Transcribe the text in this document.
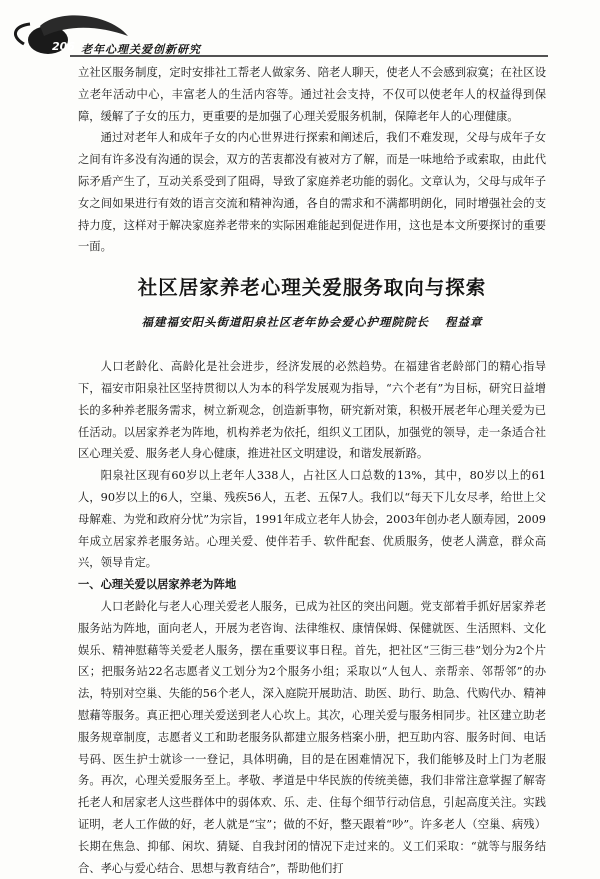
206 老年心理关爱创新研究

立社区服务制度，定时安排社工帮老人做家务、陪老人聊天，使老人不会感到寂寞；在社区设立老年活动中心，丰富老人的生活内容等。通过社会支持，不仅可以使老年人的权益得到保障，缓解了子女的压力，更重要的是加强了心理关爱服务机制，保障老年人的心理健康。

通过对老年人和成年子女的内心世界进行探索和阐述后，我们不难发现，父母与成年子女之间有许多没有沟通的误会，双方的苦衷都没有被对方了解，而是一味地给予或索取，由此代际矛盾产生了，互动关系受到了阻碍，导致了家庭养老功能的弱化。文章认为，父母与成年子女之间如果进行有效的语言交流和精神沟通，各自的需求和不满都明朗化，同时增强社会的支持力度，这样对于解决家庭养老带来的实际困难能起到促进作用，这也是本文所要探讨的重要一面。

社区居家养老心理关爱服务取向与探索
福建福安阳头街道阳泉社区老年协会爱心护理院院长 程益章

人口老龄化、高龄化是社会进步，经济发展的必然趋势。在福建省老龄部门的精心指导下，福安市阳泉社区坚持贯彻以人为本的科学发展观为指导，“六个老有”为目标，研究日益增长的多种养老服务需求，树立新观念，创造新事物，研究新对策，积极开展老年心理关爱为已任活动。以居家养老为阵地，机构养老为依托，组织义工团队，加强党的领导，走一条适合社区心理关爱、服务老人身心健康，推进社区文明建设，和谐发展新路。

阳泉社区现有60岁以上老年人338人，占社区人口总数的13%，其中，80岁以上的61人，90岁以上的6人，空巢、残疾56人，五老、五保7人。我们以“每天下儿女尽孝，给世上父母解难、为党和政府分忧”为宗旨，1991年成立老年人协会，2003年创办老人颐寿园，2009年成立居家养老服务站。心理关爱、使伴若手、软件配套、优质服务，使老人满意，群众高兴，领导肯定。

一、心理关爱以居家养老为阵地

人口老龄化与老人心理关爱老人服务，已成为社区的突出问题。党支部着手抓好居家养老服务站为阵地，面向老人，开展为老咨询、法律维权、康情保姆、保健就医、生活照料、文化娱乐、精神慰藉等关爱老人服务，摆在重要议事日程。首先，把社区“三街三巷”划分为2个片区；把服务站22名志愿者义工划分为2个服务小组；采取以“人包人、亲帮亲、邻帮邻”的办法，特别对空巢、失能的56个老人，深入庭院开展助洁、助医、助行、助急、代购代办、精神慰藉等服务。真正把心理关爱送到老人心坎上。其次，心理关爱与服务相同步。社区建立助老服务规章制度，志愿者义工和助老服务队都建立服务档案小册，把互助内容、服务时间、电话号码、医生护士就诊一一登记，具体明确，目的是在困难情况下，我们能够及时上门为老服务。再次，心理关爱服务至上。孝敬、孝道是中华民族的传统美德，我们非常注意掌握了解寄托老人和居家老人这些群体中的弱体欢、乐、走、住每个细节行动信息，引起高度关注。实践证明，老人工作做的好，老人就是“宝”；做的不好，整天跟着“吵”。许多老人（空巢、病残）长期在焦急、抑郁、闲坎、猜疑、自我封闭的情况下走过来的。义工们采取：“就等与服务结合、孝心与爱心结合、思想与教育结合”，帮助他们打
